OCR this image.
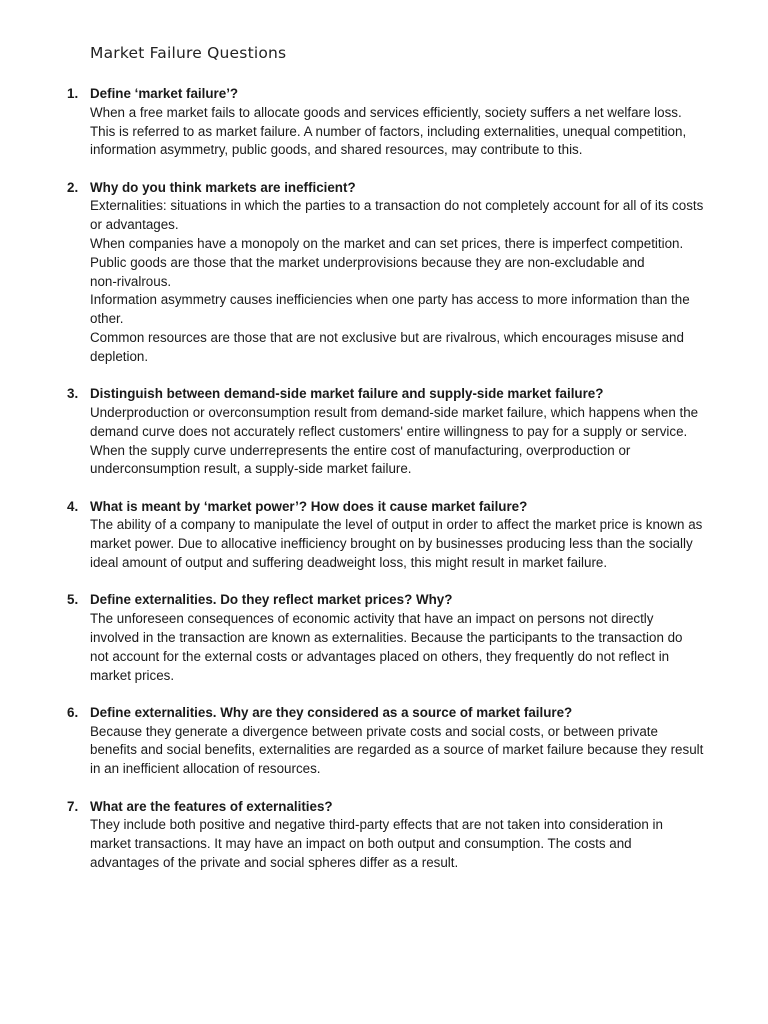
Market Failure Questions
1. Define ‘market failure’?

When a free market fails to allocate goods and services efficiently, society suffers a net welfare loss.

This is referred to as market failure. A number of factors, including externalities, unequal competition,

information asymmetry, public goods, and shared resources, may contribute to this.

2. Why do you think markets are inefficient?

Externalities: situations in which the parties to a transaction do not completely account for all of its costs

or advantages.

When companies have a monopoly on the market and can set prices, there is imperfect competition.

Public goods are those that the market underprovisions because they are non-excludable and

non-rivalrous.

Information asymmetry causes inefficiencies when one party has access to more information than the

other.

Common resources are those that are not exclusive but are rivalrous, which encourages misuse and

depletion.

3. Distinguish between demand-side market failure and supply-side market failure?

Underproduction or overconsumption result from demand-side market failure, which happens when the

demand curve does not accurately reflect customers' entire willingness to pay for a supply or service.

When the supply curve underrepresents the entire cost of manufacturing, overproduction or

underconsumption result, a supply-side market failure.

4. What is meant by ‘market power’? How does it cause market failure?

The ability of a company to manipulate the level of output in order to affect the market price is known as

market power. Due to allocative inefficiency brought on by businesses producing less than the socially

ideal amount of output and suffering deadweight loss, this might result in market failure.

5. Define externalities. Do they reflect market prices? Why?

The unforeseen consequences of economic activity that have an impact on persons not directly

involved in the transaction are known as externalities. Because the participants to the transaction do

not account for the external costs or advantages placed on others, they frequently do not reflect in

market prices.

6. Define externalities. Why are they considered as a source of market failure?

Because they generate a divergence between private costs and social costs, or between private

benefits and social benefits, externalities are regarded as a source of market failure because they result

in an inefficient allocation of resources.

7. What are the features of externalities?

They include both positive and negative third-party effects that are not taken into consideration in

market transactions. It may have an impact on both output and consumption. The costs and

advantages of the private and social spheres differ as a result.
